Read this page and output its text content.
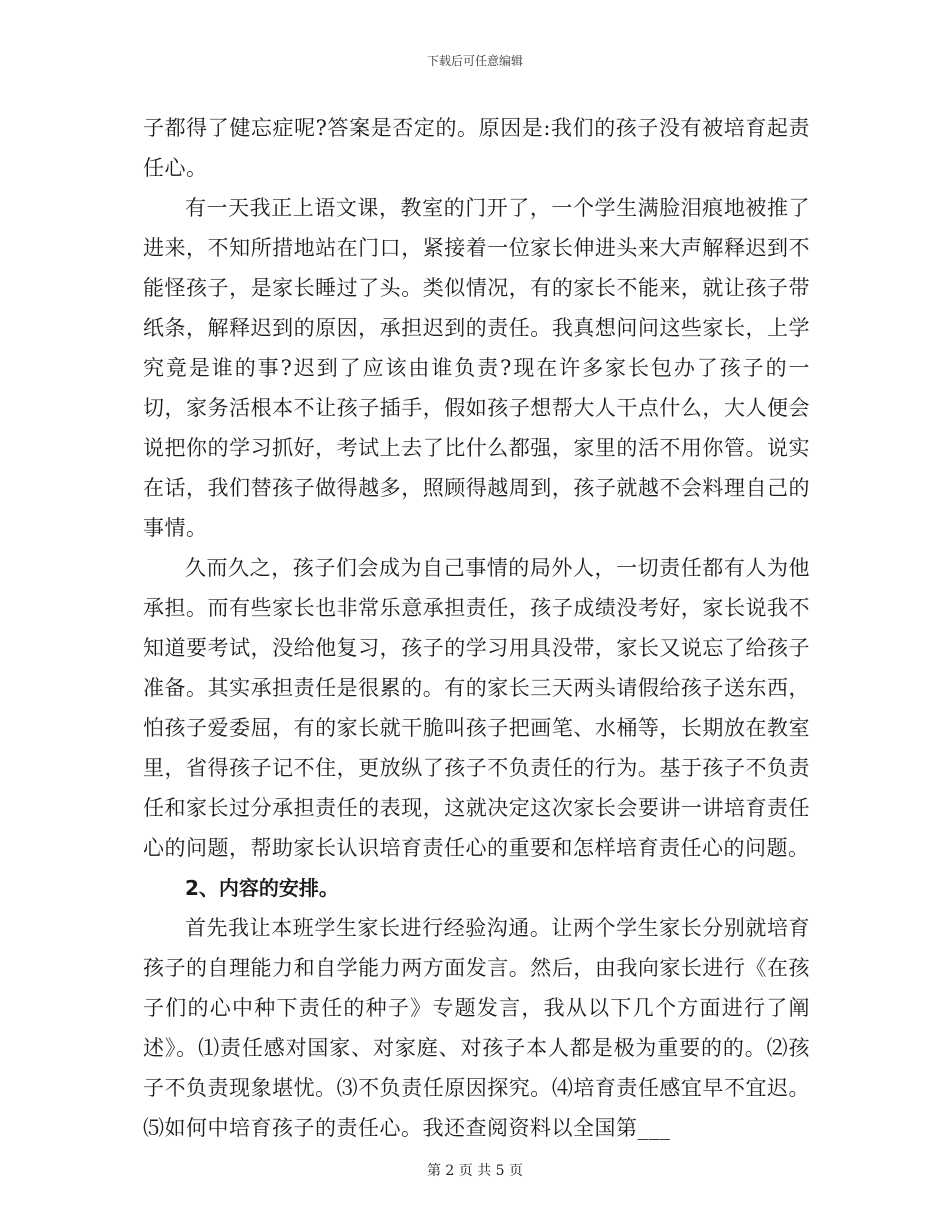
下载后可任意编辑

子都得了健忘症呢?答案是否定的。原因是:我们的孩子没有被培育起责任心。

有一天我正上语文课，教室的门开了，一个学生满脸泪痕地被推了进来，不知所措地站在门口，紧接着一位家长伸进头来大声解释迟到不能怪孩子，是家长睡过了头。类似情况，有的家长不能来，就让孩子带纸条，解释迟到的原因，承担迟到的责任。我真想问问这些家长，上学究竟是谁的事?迟到了应该由谁负责?现在许多家长包办了孩子的一切，家务活根本不让孩子插手，假如孩子想帮大人干点什么，大人便会说把你的学习抓好，考试上去了比什么都强，家里的活不用你管。说实在话，我们替孩子做得越多，照顾得越周到，孩子就越不会料理自己的事情。

久而久之，孩子们会成为自己事情的局外人，一切责任都有人为他承担。而有些家长也非常乐意承担责任，孩子成绩没考好，家长说我不知道要考试，没给他复习，孩子的学习用具没带，家长又说忘了给孩子准备。其实承担责任是很累的。有的家长三天两头请假给孩子送东西，怕孩子爱委屈，有的家长就干脆叫孩子把画笔、水桶等，长期放在教室里，省得孩子记不住，更放纵了孩子不负责任的行为。基于孩子不负责任和家长过分承担责任的表现，这就决定这次家长会要讲一讲培育责任心的问题，帮助家长认识培育责任心的重要和怎样培育责任心的问题。

2、内容的安排。

首先我让本班学生家长进行经验沟通。让两个学生家长分别就培育孩子的自理能力和自学能力两方面发言。然后，由我向家长进行《在孩子们的心中种下责任的种子》专题发言，我从以下几个方面进行了阐述》。⑴责任感对国家、对家庭、对孩子本人都是极为重要的的。⑵孩子不负责现象堪忧。⑶不负责任原因探究。⑷培育责任感宜早不宜迟。⑸如何中培育孩子的责任心。我还查阅资料以全国第___

第 2 页 共 5 页
